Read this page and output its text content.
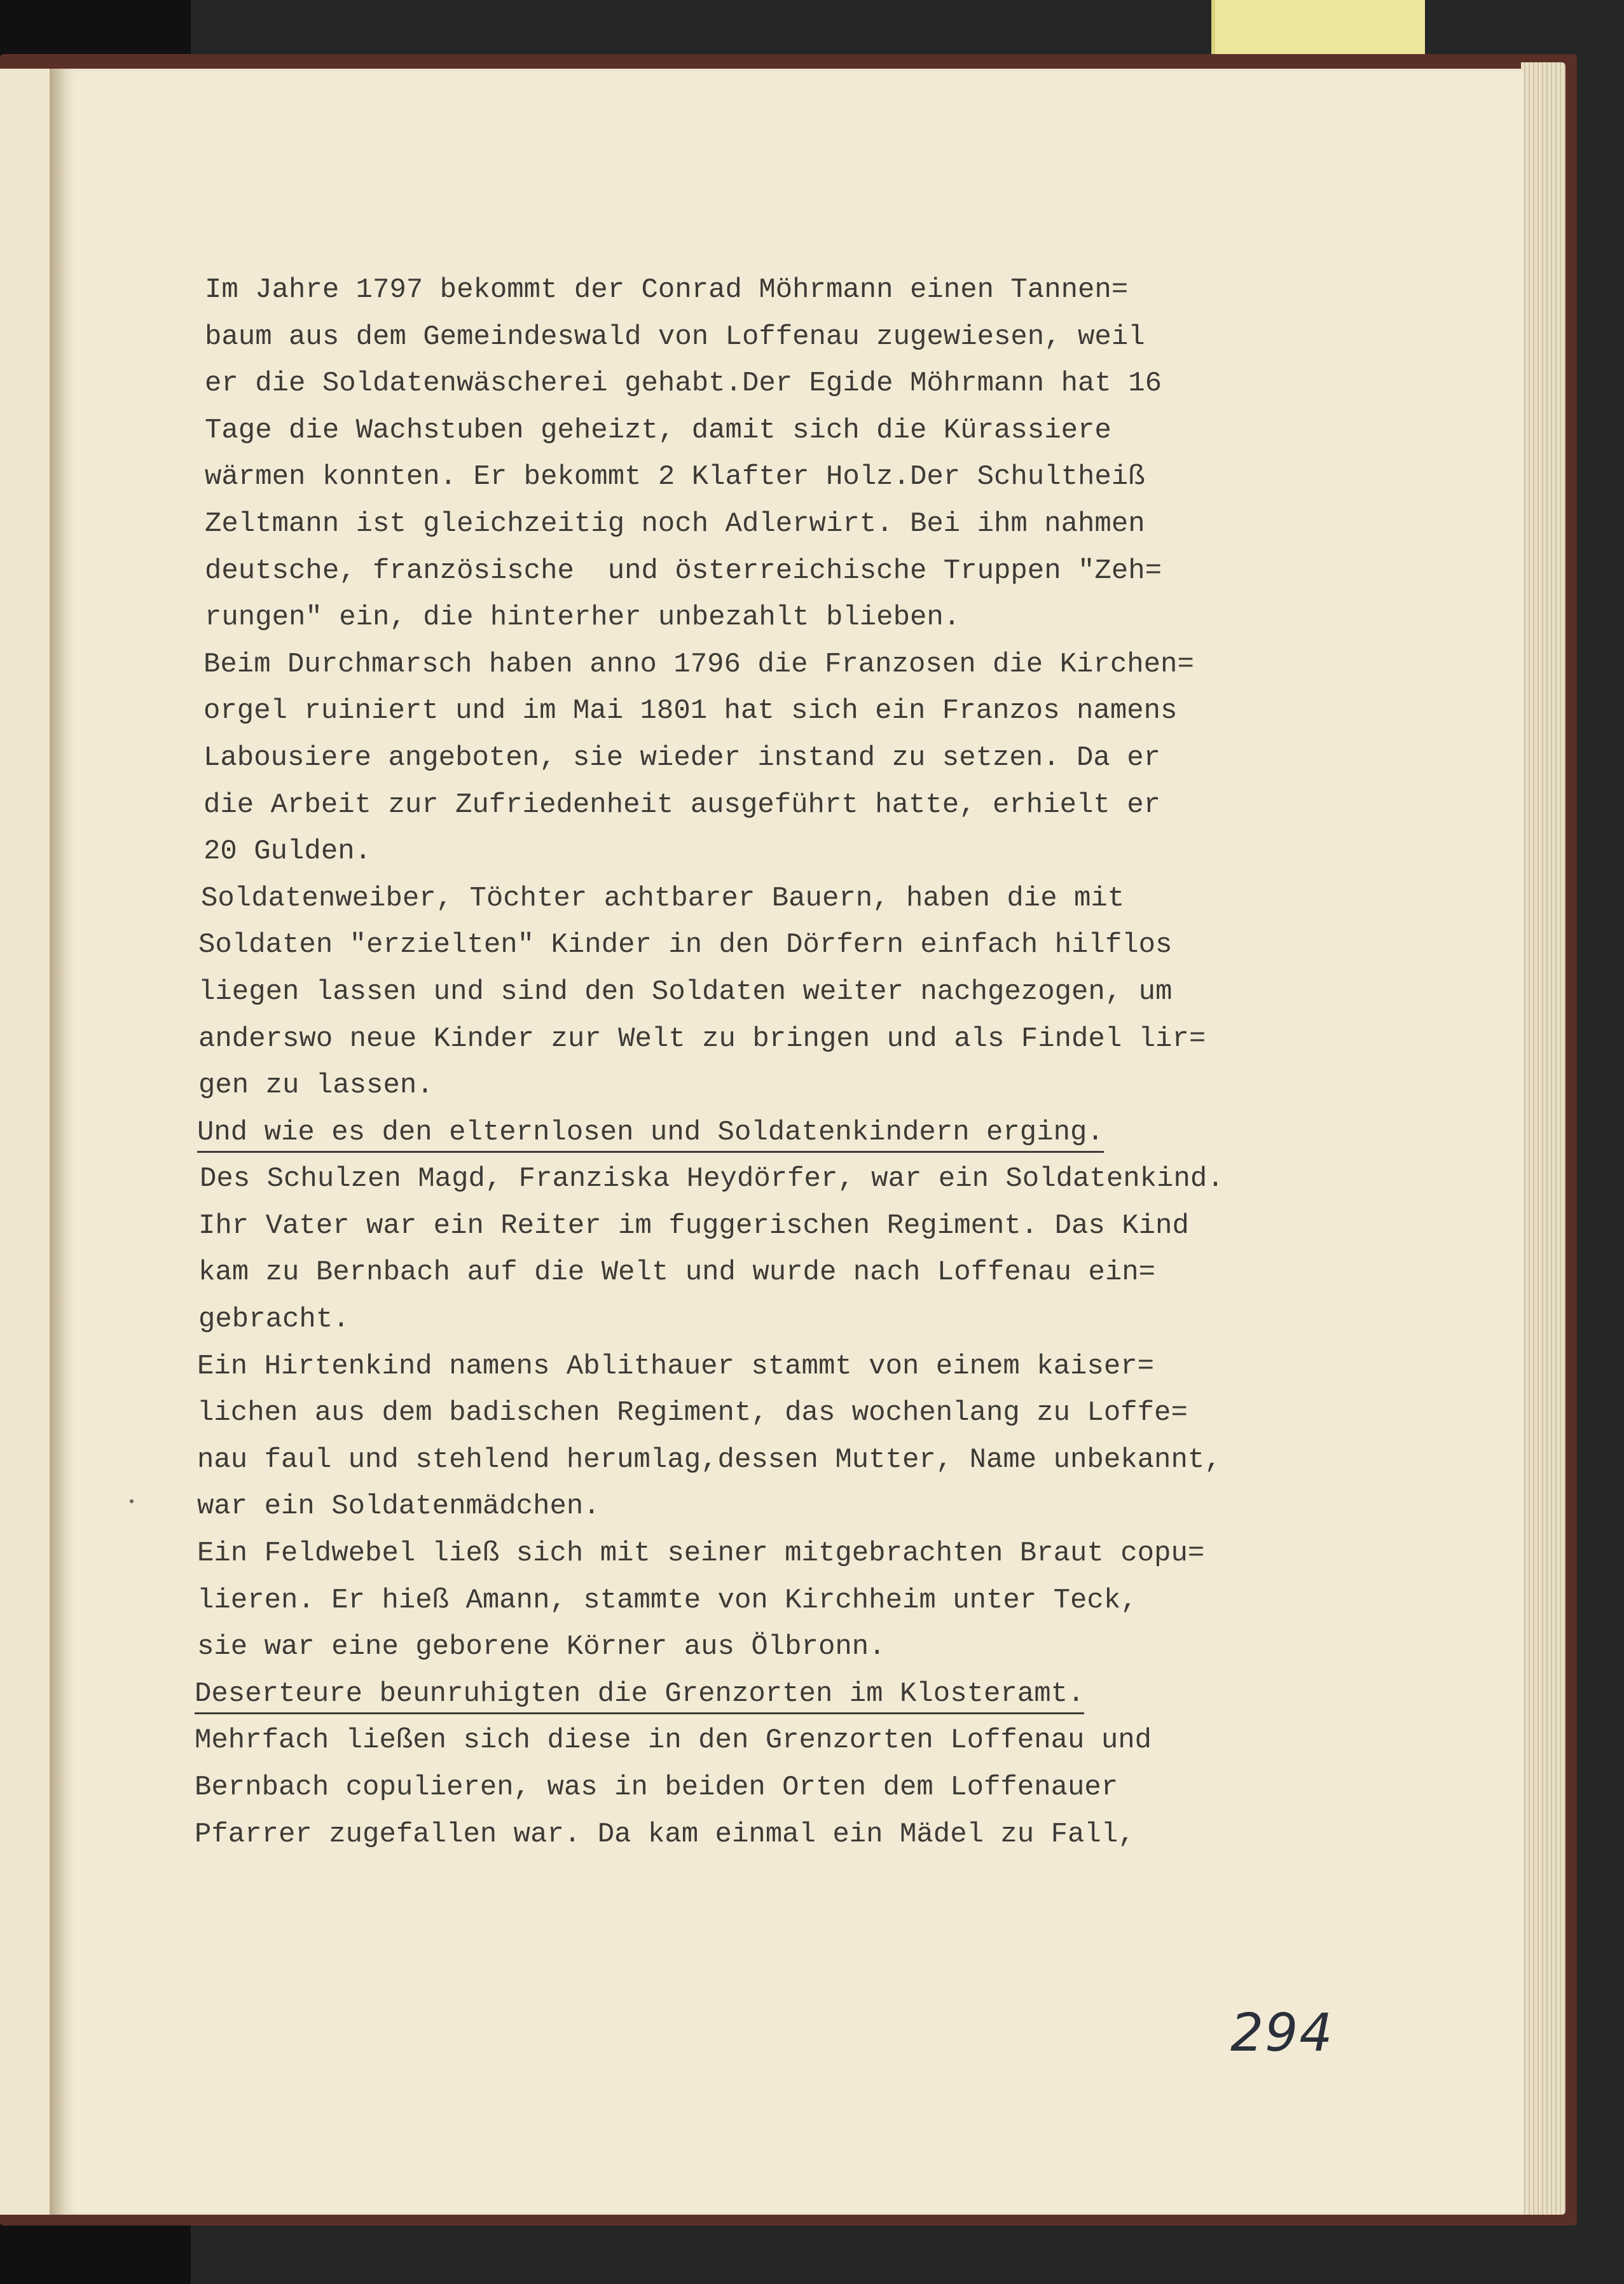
Im Jahre 1797 bekommt der Conrad Möhrmann einen Tannen=
baum aus dem Gemeindeswald von Loffenau zugewiesen, weil
er die Soldatenwäscherei gehabt.Der Egide Möhrmann hat 16
Tage die Wachstuben geheizt, damit sich die Kürassiere
wärmen konnten. Er bekommt 2 Klafter Holz.Der Schultheiß
Zeltmann ist gleichzeitig noch Adlerwirt. Bei ihm nahmen
deutsche, französische  und österreichische Truppen "Zeh=
rungen" ein, die hinterher unbezahlt blieben.
Beim Durchmarsch haben anno 1796 die Franzosen die Kirchen=
orgel ruiniert und im Mai 1801 hat sich ein Franzos namens
Labousiere angeboten, sie wieder instand zu setzen. Da er
die Arbeit zur Zufriedenheit ausgeführt hatte, erhielt er
20 Gulden.
Soldatenweiber, Töchter achtbarer Bauern, haben die mit
Soldaten "erzielten" Kinder in den Dörfern einfach hilflos
liegen lassen und sind den Soldaten weiter nachgezogen, um
anderswo neue Kinder zur Welt zu bringen und als Findel lir=
gen zu lassen.
Und wie es den elternlosen und Soldatenkindern erging.
Des Schulzen Magd, Franziska Heydörfer, war ein Soldatenkind.
Ihr Vater war ein Reiter im fuggerischen Regiment. Das Kind
kam zu Bernbach auf die Welt und wurde nach Loffenau ein=
gebracht.
Ein Hirtenkind namens Ablithauer stammt von einem kaiser=
lichen aus dem badischen Regiment, das wochenlang zu Loffe=
nau faul und stehlend herumlag,dessen Mutter, Name unbekannt,
war ein Soldatenmädchen.
Ein Feldwebel ließ sich mit seiner mitgebrachten Braut copu=
lieren. Er hieß Amann, stammte von Kirchheim unter Teck,
sie war eine geborene Körner aus Ölbronn.
Deserteure beunruhigten die Grenzorten im Klosteramt.
Mehrfach ließen sich diese in den Grenzorten Loffenau und
Bernbach copulieren, was in beiden Orten dem Loffenauer
Pfarrer zugefallen war. Da kam einmal ein Mädel zu Fall,
294
